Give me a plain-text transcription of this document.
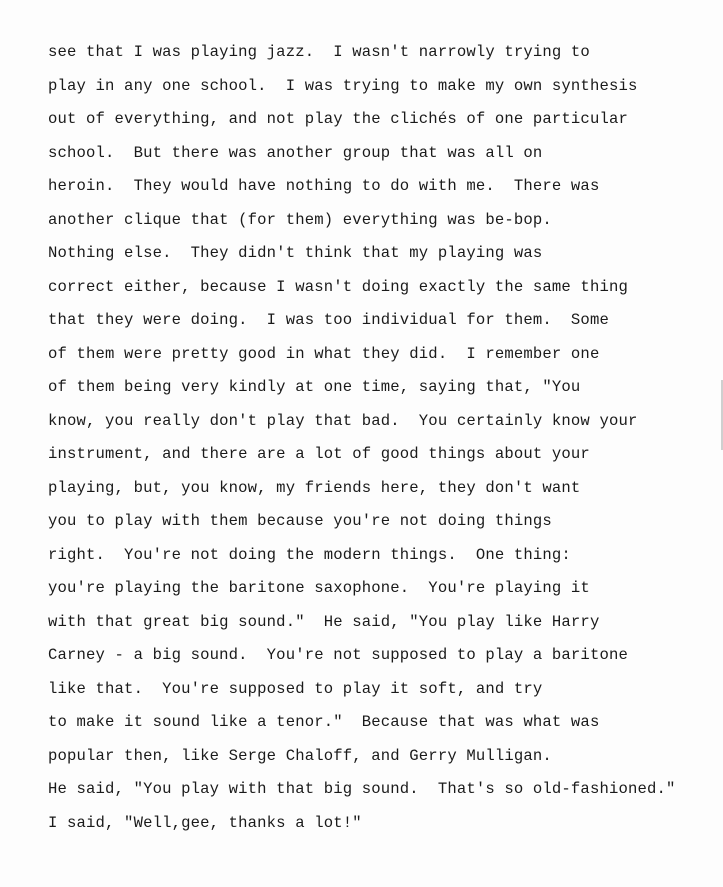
see that I was playing jazz.  I wasn't narrowly trying to
play in any one school.  I was trying to make my own synthesis
out of everything, and not play the clichés of one particular
school.  But there was another group that was all on
heroin.  They would have nothing to do with me.  There was
another clique that (for them) everything was be-bop.
Nothing else.  They didn't think that my playing was
correct either, because I wasn't doing exactly the same thing
that they were doing.  I was too individual for them.  Some
of them were pretty good in what they did.  I remember one
of them being very kindly at one time, saying that, "You
know, you really don't play that bad.  You certainly know your
instrument, and there are a lot of good things about your
playing, but, you know, my friends here, they don't want
you to play with them because you're not doing things
right.  You're not doing the modern things.  One thing:
you're playing the baritone saxophone.  You're playing it
with that great big sound."  He said, "You play like Harry
Carney - a big sound.  You're not supposed to play a baritone
like that.  You're supposed to play it soft, and try
to make it sound like a tenor."  Because that was what was
popular then, like Serge Chaloff, and Gerry Mulligan.
He said, "You play with that big sound.  That's so old-fashioned."
I said, "Well,gee, thanks a lot!"
